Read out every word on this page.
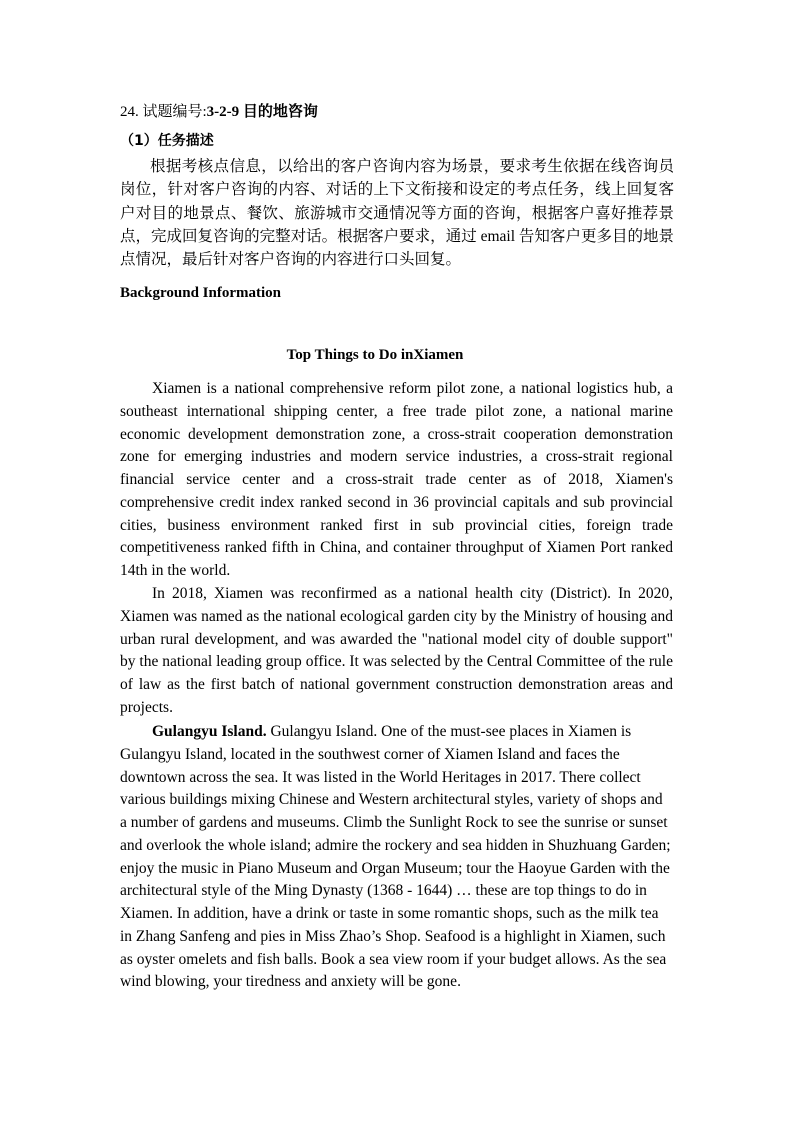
24. 试题编号:3-2-9 目的地咨询
（1）任务描述
根据考核点信息，以给出的客户咨询内容为场景，要求考生依据在线咨询员岗位，针对客户咨询的内容、对话的上下文衔接和设定的考点任务，线上回复客户对目的地景点、餐饮、旅游城市交通情况等方面的咨询，根据客户喜好推荐景点，完成回复咨询的完整对话。根据客户要求，通过 email 告知客户更多目的地景点情况，最后针对客户咨询的内容进行口头回复。
Background Information
Top Things to Do inXiamen
Xiamen is a national comprehensive reform pilot zone, a national logistics hub, a southeast international shipping center, a free trade pilot zone, a national marine economic development demonstration zone, a cross-strait cooperation demonstration zone for emerging industries and modern service industries, a cross-strait regional financial service center and a cross-strait trade center as of 2018, Xiamen's comprehensive credit index ranked second in 36 provincial capitals and sub provincial cities, business environment ranked first in sub provincial cities, foreign trade competitiveness ranked fifth in China, and container throughput of Xiamen Port ranked 14th in the world.
In 2018, Xiamen was reconfirmed as a national health city (District). In 2020, Xiamen was named as the national ecological garden city by the Ministry of housing and urban rural development, and was awarded the "national model city of double support" by the national leading group office. It was selected by the Central Committee of the rule of law as the first batch of national government construction demonstration areas and projects.
Gulangyu Island. Gulangyu Island. One of the must-see places in Xiamen is Gulangyu Island, located in the southwest corner of Xiamen Island and faces the downtown across the sea. It was listed in the World Heritages in 2017. There collect various buildings mixing Chinese and Western architectural styles, variety of shops and a number of gardens and museums. Climb the Sunlight Rock to see the sunrise or sunset and overlook the whole island; admire the rockery and sea hidden in Shuzhuang Garden; enjoy the music in Piano Museum and Organ Museum; tour the Haoyue Garden with the architectural style of the Ming Dynasty (1368 - 1644) … these are top things to do in Xiamen. In addition, have a drink or taste in some romantic shops, such as the milk tea in Zhang Sanfeng and pies in Miss Zhao’s Shop. Seafood is a highlight in Xiamen, such as oyster omelets and fish balls. Book a sea view room if your budget allows. As the sea wind blowing, your tiredness and anxiety will be gone.
